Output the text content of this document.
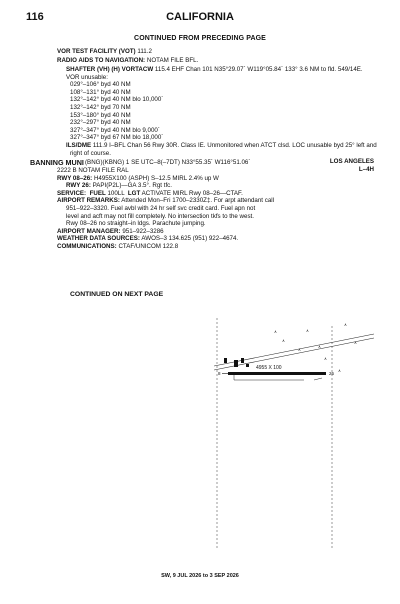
116	CALIFORNIA
CONTINUED FROM PRECEDING PAGE
VOR TEST FACILITY (VOT) 111.2
RADIO AIDS TO NAVIGATION: NOTAM FILE BFL.
SHAFTER (VH) (H) VORTACW 115.4 EHF Chan 101 N35°29.07´ W119°05.84´ 133° 3.6 NM to fld. 549/14E.
VOR unusable:
029°–106° byd 40 NM
108°–131° byd 40 NM
132°–142° byd 40 NM blo 10,000´
132°–142° byd 70 NM
153°–180° byd 40 NM
232°–297° byd 40 NM
327°–347° byd 40 NM blo 9,000´
327°–347° byd 67 NM blo 18,000´
ILS/DME 111.9 I–BFL Chan 56 Rwy 30R. Class IE. Unmonitored when ATCT clsd. LOC unusable byd 25° left and
right of course.
BANNING MUNI (BNG)(KBNG) 1 SE UTC–8(–7DT) N33°55.35´ W116°51.06´	LOS ANGELES
L–4H
2222 B NOTAM FILE RAL
RWY 08–26: H4955X100 (ASPH) S–12.5 MIRL 2.4% up W
RWY 26: PAPI(P2L)—GA 3.5°. Rgt tfc.
SERVICE: FUEL 100LL LGT ACTIVATE MIRL Rwy 08–26—CTAF.
AIRPORT REMARKS: Attended Mon–Fri 1700–2330Z‡. For arpt attendant call
951–922–3320. Fuel avbl with 24 hr self svc credit card. Fuel apn not
level and acft may not fill completely. No intersection tkfs to the west.
Rwy 08–26 no straight–in ldgs. Parachute jumping.
AIRPORT MANAGER: 951–922–3286
WEATHER DATA SOURCES: AWOS–3 134.625 (951) 922–4674.
COMMUNICATIONS: CTAF/UNICOM 122.8
CONTINUED ON NEXT PAGE
∧
∧
∧
∧
∧
∧
∧
∧
∧
4955 X 100
8	26
SW, 9 JUL 2026 to 3 SEP 2026
